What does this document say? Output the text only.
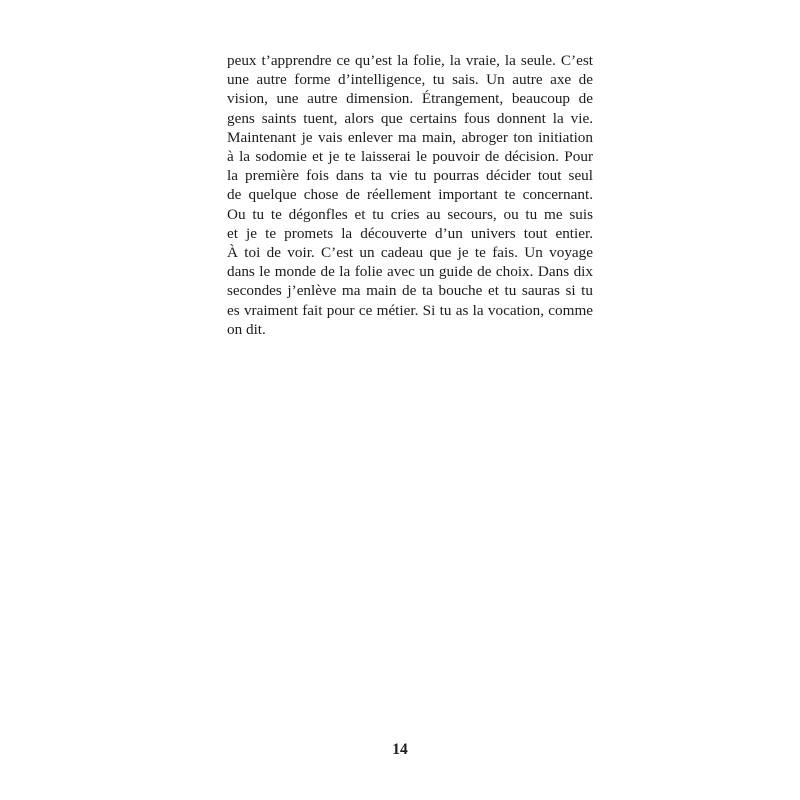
peux t’apprendre ce qu’est la folie, la vraie, la seule. C’est
une autre forme d’intelligence, tu sais. Un autre axe de
vision, une autre dimension. Étrangement, beaucoup de
gens saints tuent, alors que certains fous donnent la vie.
Maintenant je vais enlever ma main, abroger ton initiation
à la sodomie et je te laisserai le pouvoir de décision. Pour
la première fois dans ta vie tu pourras décider tout seul
de quelque chose de réellement important te concernant.
Ou tu te dégonfles et tu cries au secours, ou tu me suis
et je te promets la découverte d’un univers tout entier.
À toi de voir. C’est un cadeau que je te fais. Un voyage
dans le monde de la folie avec un guide de choix. Dans dix
secondes j’enlève ma main de ta bouche et tu sauras si tu
es vraiment fait pour ce métier. Si tu as la vocation, comme
on dit.
14
